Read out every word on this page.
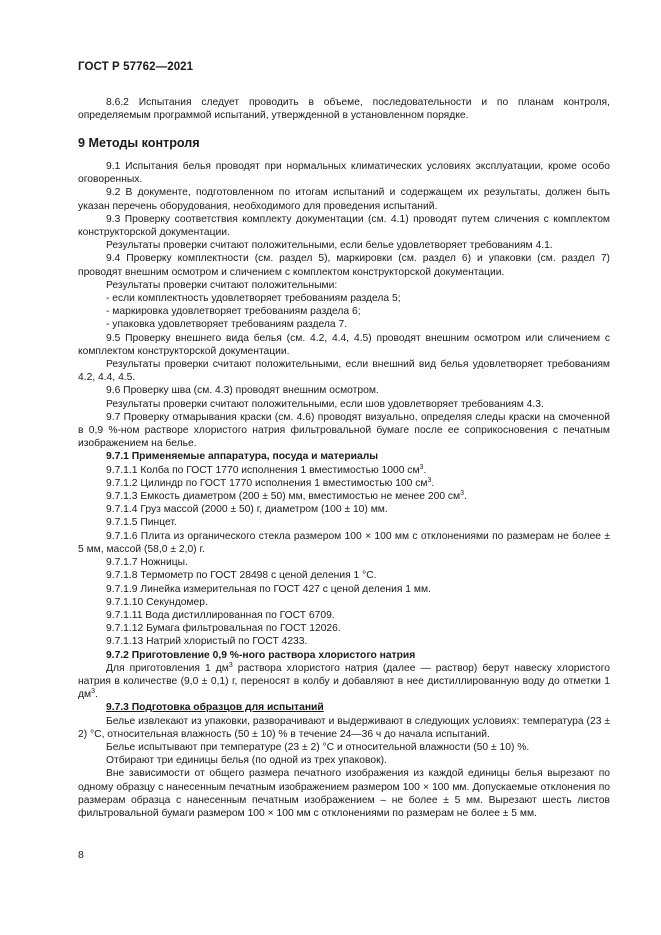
ГОСТ Р 57762—2021

8.6.2 Испытания следует проводить в объеме, последовательности и по планам контроля, определяемым программой испытаний, утвержденной в установленном порядке.

9 Методы контроля

9.1 Испытания белья проводят при нормальных климатических условиях эксплуатации, кроме особо оговоренных.

9.2 В документе, подготовленном по итогам испытаний и содержащем их результаты, должен быть указан перечень оборудования, необходимого для проведения испытаний.

9.3 Проверку соответствия комплекту документации (см. 4.1) проводят путем сличения с комплектом конструкторской документации.

Результаты проверки считают положительными, если белье удовлетворяет требованиям 4.1.

9.4 Проверку комплектности (см. раздел 5), маркировки (см. раздел 6) и упаковки (см. раздел 7) проводят внешним осмотром и сличением с комплектом конструкторской документации.

Результаты проверки считают положительными:

- если комплектность удовлетворяет требованиям раздела 5;

- маркировка удовлетворяет требованиям раздела 6;

- упаковка удовлетворяет требованиям раздела 7.

9.5 Проверку внешнего вида белья (см. 4.2, 4.4, 4.5) проводят внешним осмотром или сличением с комплектом конструкторской документации.

Результаты проверки считают положительными, если внешний вид белья удовлетворяет требованиям 4.2, 4.4, 4.5.

9.6 Проверку шва (см. 4.3) проводят внешним осмотром.

Результаты проверки считают положительными, если шов удовлетворяет требованиям 4.3.

9.7 Проверку отмарывания краски (см. 4.6) проводят визуально, определяя следы краски на смоченной в 0,9 %-ном растворе хлористого натрия фильтровальной бумаге после ее соприкосновения с печатным изображением на белье.

9.7.1 Применяемые аппаратура, посуда и материалы

9.7.1.1 Колба по ГОСТ 1770 исполнения 1 вместимостью 1000 $см^3$.

9.7.1.2 Цилиндр по ГОСТ 1770 исполнения 1 вместимостью 100 $см^3$.

9.7.1.3 Емкость диаметром (200 ± 50) мм, вместимостью не менее 200 $см^3$.

9.7.1.4 Груз массой (2000 ± 50) г, диаметром (100 ± 10) мм.

9.7.1.5 Пинцет.

9.7.1.6 Плита из органического стекла размером 100 × 100 мм с отклонениями по размерам не более ± 5 мм, массой (58,0 ± 2,0) г.

9.7.1.7 Ножницы.

9.7.1.8 Термометр по ГОСТ 28498 с ценой деления 1 °С.

9.7.1.9 Линейка измерительная по ГОСТ 427 с ценой деления 1 мм.

9.7.1.10 Секундомер.

9.7.1.11 Вода дистиллированная по ГОСТ 6709.

9.7.1.12 Бумага фильтровальная по ГОСТ 12026.

9.7.1.13 Натрий хлористый по ГОСТ 4233.

9.7.2 Приготовление 0,9 %-ного раствора хлористого натрия

Для приготовления 1 $дм^3$ раствора хлористого натрия (далее — раствор) берут навеску хлористого натрия в количестве (9,0 ± 0,1) г, переносят в колбу и добавляют в нее дистиллированную воду до отметки 1 $дм^3$.

9.7.3 Подготовка образцов для испытаний

Белье извлекают из упаковки, разворачивают и выдерживают в следующих условиях: температура (23 ± 2) °С, относительная влажность (50 ± 10) % в течение 24—36 ч до начала испытаний.

Белье испытывают при температуре (23 ± 2) °С и относительной влажности (50 ± 10) %.

Отбирают три единицы белья (по одной из трех упаковок).

Вне зависимости от общего размера печатного изображения из каждой единицы белья вырезают по одному образцу с нанесенным печатным изображением размером 100 × 100 мм. Допускаемые отклонения по размерам образца с нанесенным печатным изображением – не более ± 5 мм. Вырезают шесть листов фильтровальной бумаги размером 100 × 100 мм с отклонениями по размерам не более ± 5 мм.

8
